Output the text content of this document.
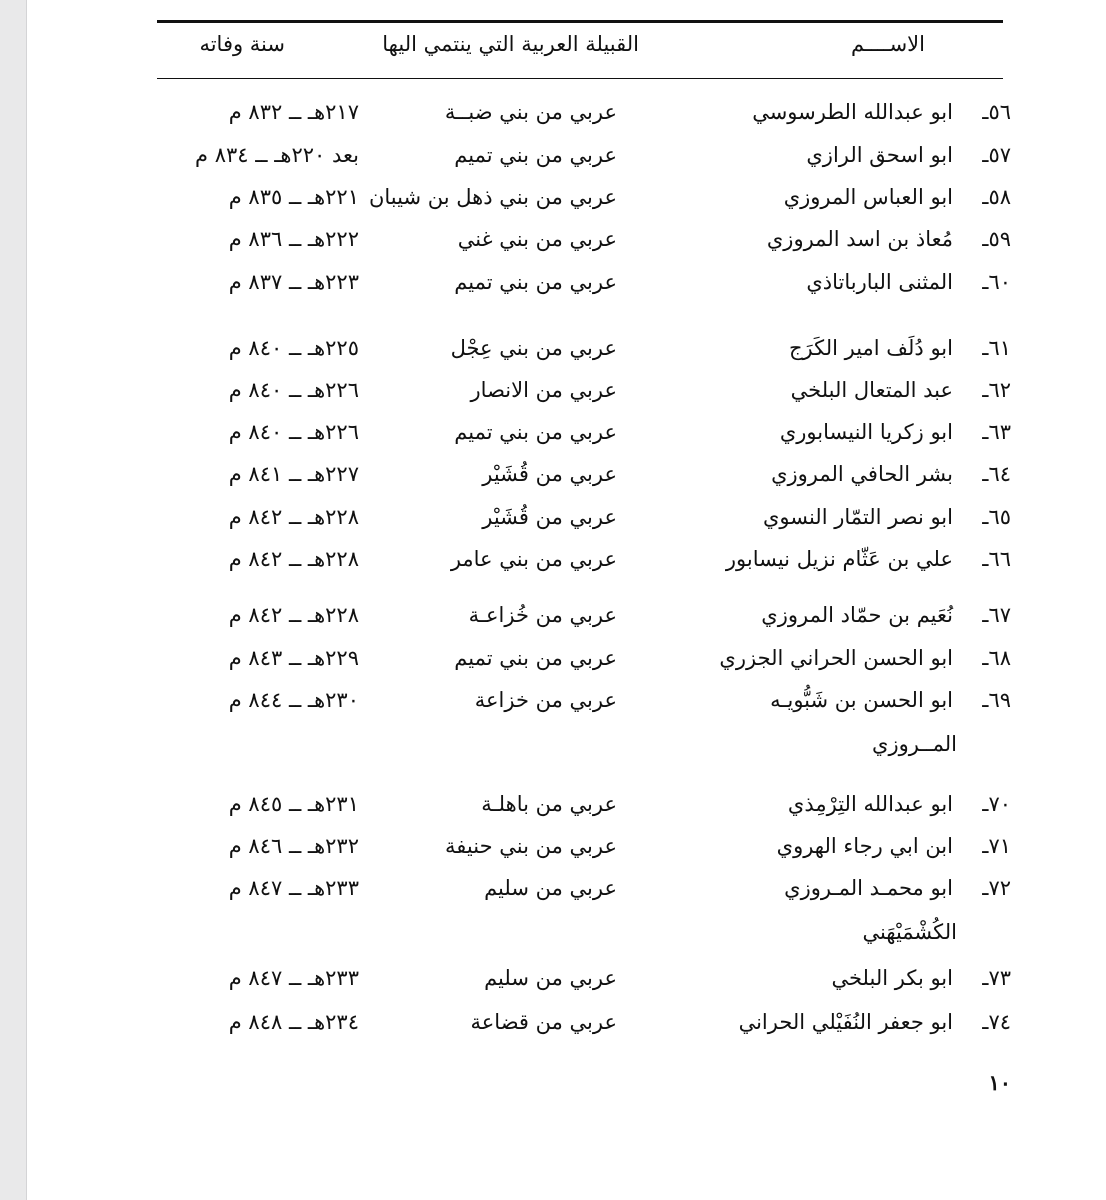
الاســــم
القبيلة العربية التي ينتمي اليها
سنة وفاته
٥٦ـ
ابو عبدالله الطرسوسي
عربي من بني ضبــة
٢١٧هـ ــ ٨٣٢ م
٥٧ـ
ابو اسحق الرازي
عربي من بني تميم
بعد ٢٢٠هـ ــ ٨٣٤ م
٥٨ـ
ابو العباس المروزي
عربي من بني ذهل بن شيبان
٢٢١هـ ــ ٨٣٥ م
٥٩ـ
مُعاذ بن اسد المروزي
عربي من بني غني
٢٢٢هـ ــ ٨٣٦ م
٦٠ـ
المثنى البارباتاذي
عربي من بني تميم
٢٢٣هـ ــ ٨٣٧ م
٦١ـ
ابو دُلَف امير الكَرَج
عربي من بني عِجْل
٢٢٥هـ ــ ٨٤٠ م
٦٢ـ
عبد المتعال البلخي
عربي من الانصار
٢٢٦هـ ــ ٨٤٠ م
٦٣ـ
ابو زكريا النيسابوري
عربي من بني تميم
٢٢٦هـ ــ ٨٤٠ م
٦٤ـ
بشر الحافي المروزي
عربي من قُشَيْر
٢٢٧هـ ــ ٨٤١ م
٦٥ـ
ابو نصر التمّار النسوي
عربي من قُشَيْر
٢٢٨هـ ــ ٨٤٢ م
٦٦ـ
علي بن عَثّام نزيل نيسابور
عربي من بني عامر
٢٢٨هـ ــ ٨٤٢ م
٦٧ـ
نُعَيم بن حمّاد المروزي
عربي من خُزاعـة
٢٢٨هـ ــ ٨٤٢ م
٦٨ـ
ابو الحسن الحراني الجزري
عربي من بني تميم
٢٢٩هـ ــ ٨٤٣ م
٦٩ـ
ابو الحسن بن شَبُّويـه
عربي من خزاعة
٢٣٠هـ ــ ٨٤٤ م
المــروزي
٧٠ـ
ابو عبدالله التِرْمِذي
عربي من باهلـة
٢٣١هـ ــ ٨٤٥ م
٧١ـ
ابن ابي رجاء الهروي
عربي من بني حنيفة
٢٣٢هـ ــ ٨٤٦ م
٧٢ـ
ابو محمـد المـروزي
عربي من سليم
٢٣٣هـ ــ ٨٤٧ م
الكُشْمَيْهَني
٧٣ـ
ابو بكر البلخي
عربي من سليم
٢٣٣هـ ــ ٨٤٧ م
٧٤ـ
ابو جعفر النُفَيْلي الحراني
عربي من قضاعة
٢٣٤هـ ــ ٨٤٨ م
١٠
